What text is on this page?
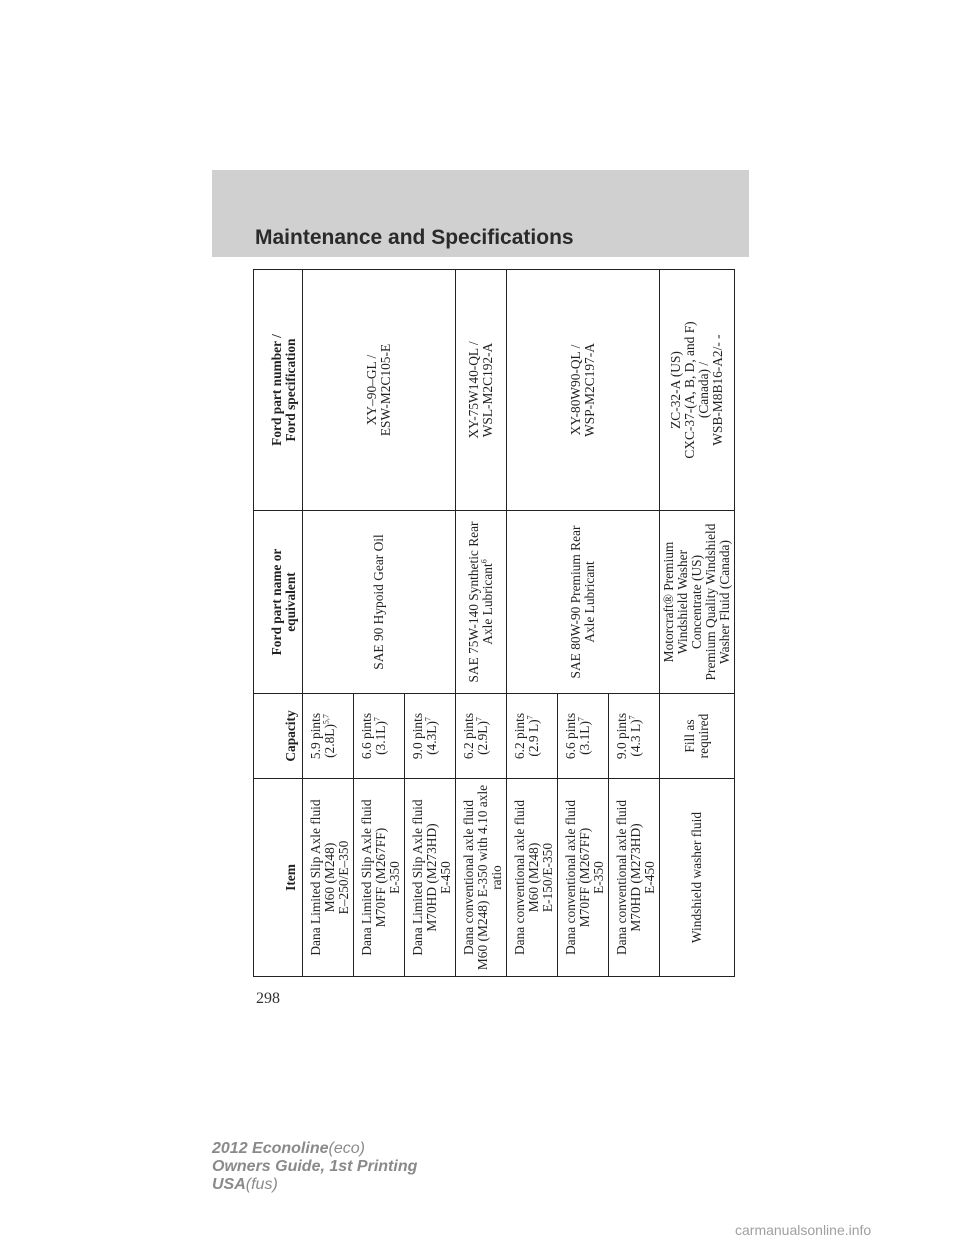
Maintenance and Specifications
Item	Capacity	Ford part name or equivalent	Ford part number / Ford specification

Dana Limited Slip Axle fluid M60 (M248) E–250/E–350	5.9 pints $(2.8L)^{5,7}$	SAE 90 Hypoid Gear Oil	XY–90–GL / ESW-M2C105-E

Dana Limited Slip Axle fluid M70FF (M267FF) E-350	6.6 pints $(3.1L)^7$

Dana Limited Slip Axle fluid M70HD (M273HD) E-450	9.0 pints $(4.3L)^7$

Dana conventional axle fluid M60 (M248) E-350 with 4.10 axle ratio	6.2 pints $(2.9L)^7$	SAE 75W-140 Synthetic Rear Axle Lubricant$^6$	XY-75W140-QL / WSL-M2C192-A

Dana conventional axle fluid M60 (M248) E-150/E-350	6.2 pints (2.9 L)$^7$	SAE 80W-90 Premium Rear Axle Lubricant	XY-80W90-QL / WSP-M2C197-A

Dana conventional axle fluid M70FF (M267FF) E-350	6.6 pints $(3.1L)^7$

Dana conventional axle fluid M70HD (M273HD) E-450	9.0 pints (4.3 L)$^7$

Windshield washer fluid	Fill as required	Motorcraft® Premium Windshield Washer Concentrate (US) Premium Quality Windshield Washer Fluid (Canada)	ZC-32-A (US) CXC-37-(A, B, D, and F) (Canada) / WSB-M8B16-A2/- -
298
2012 Econoline(eco)
Owners Guide, 1st Printing
USA(fus)
carmanualsonline.info
